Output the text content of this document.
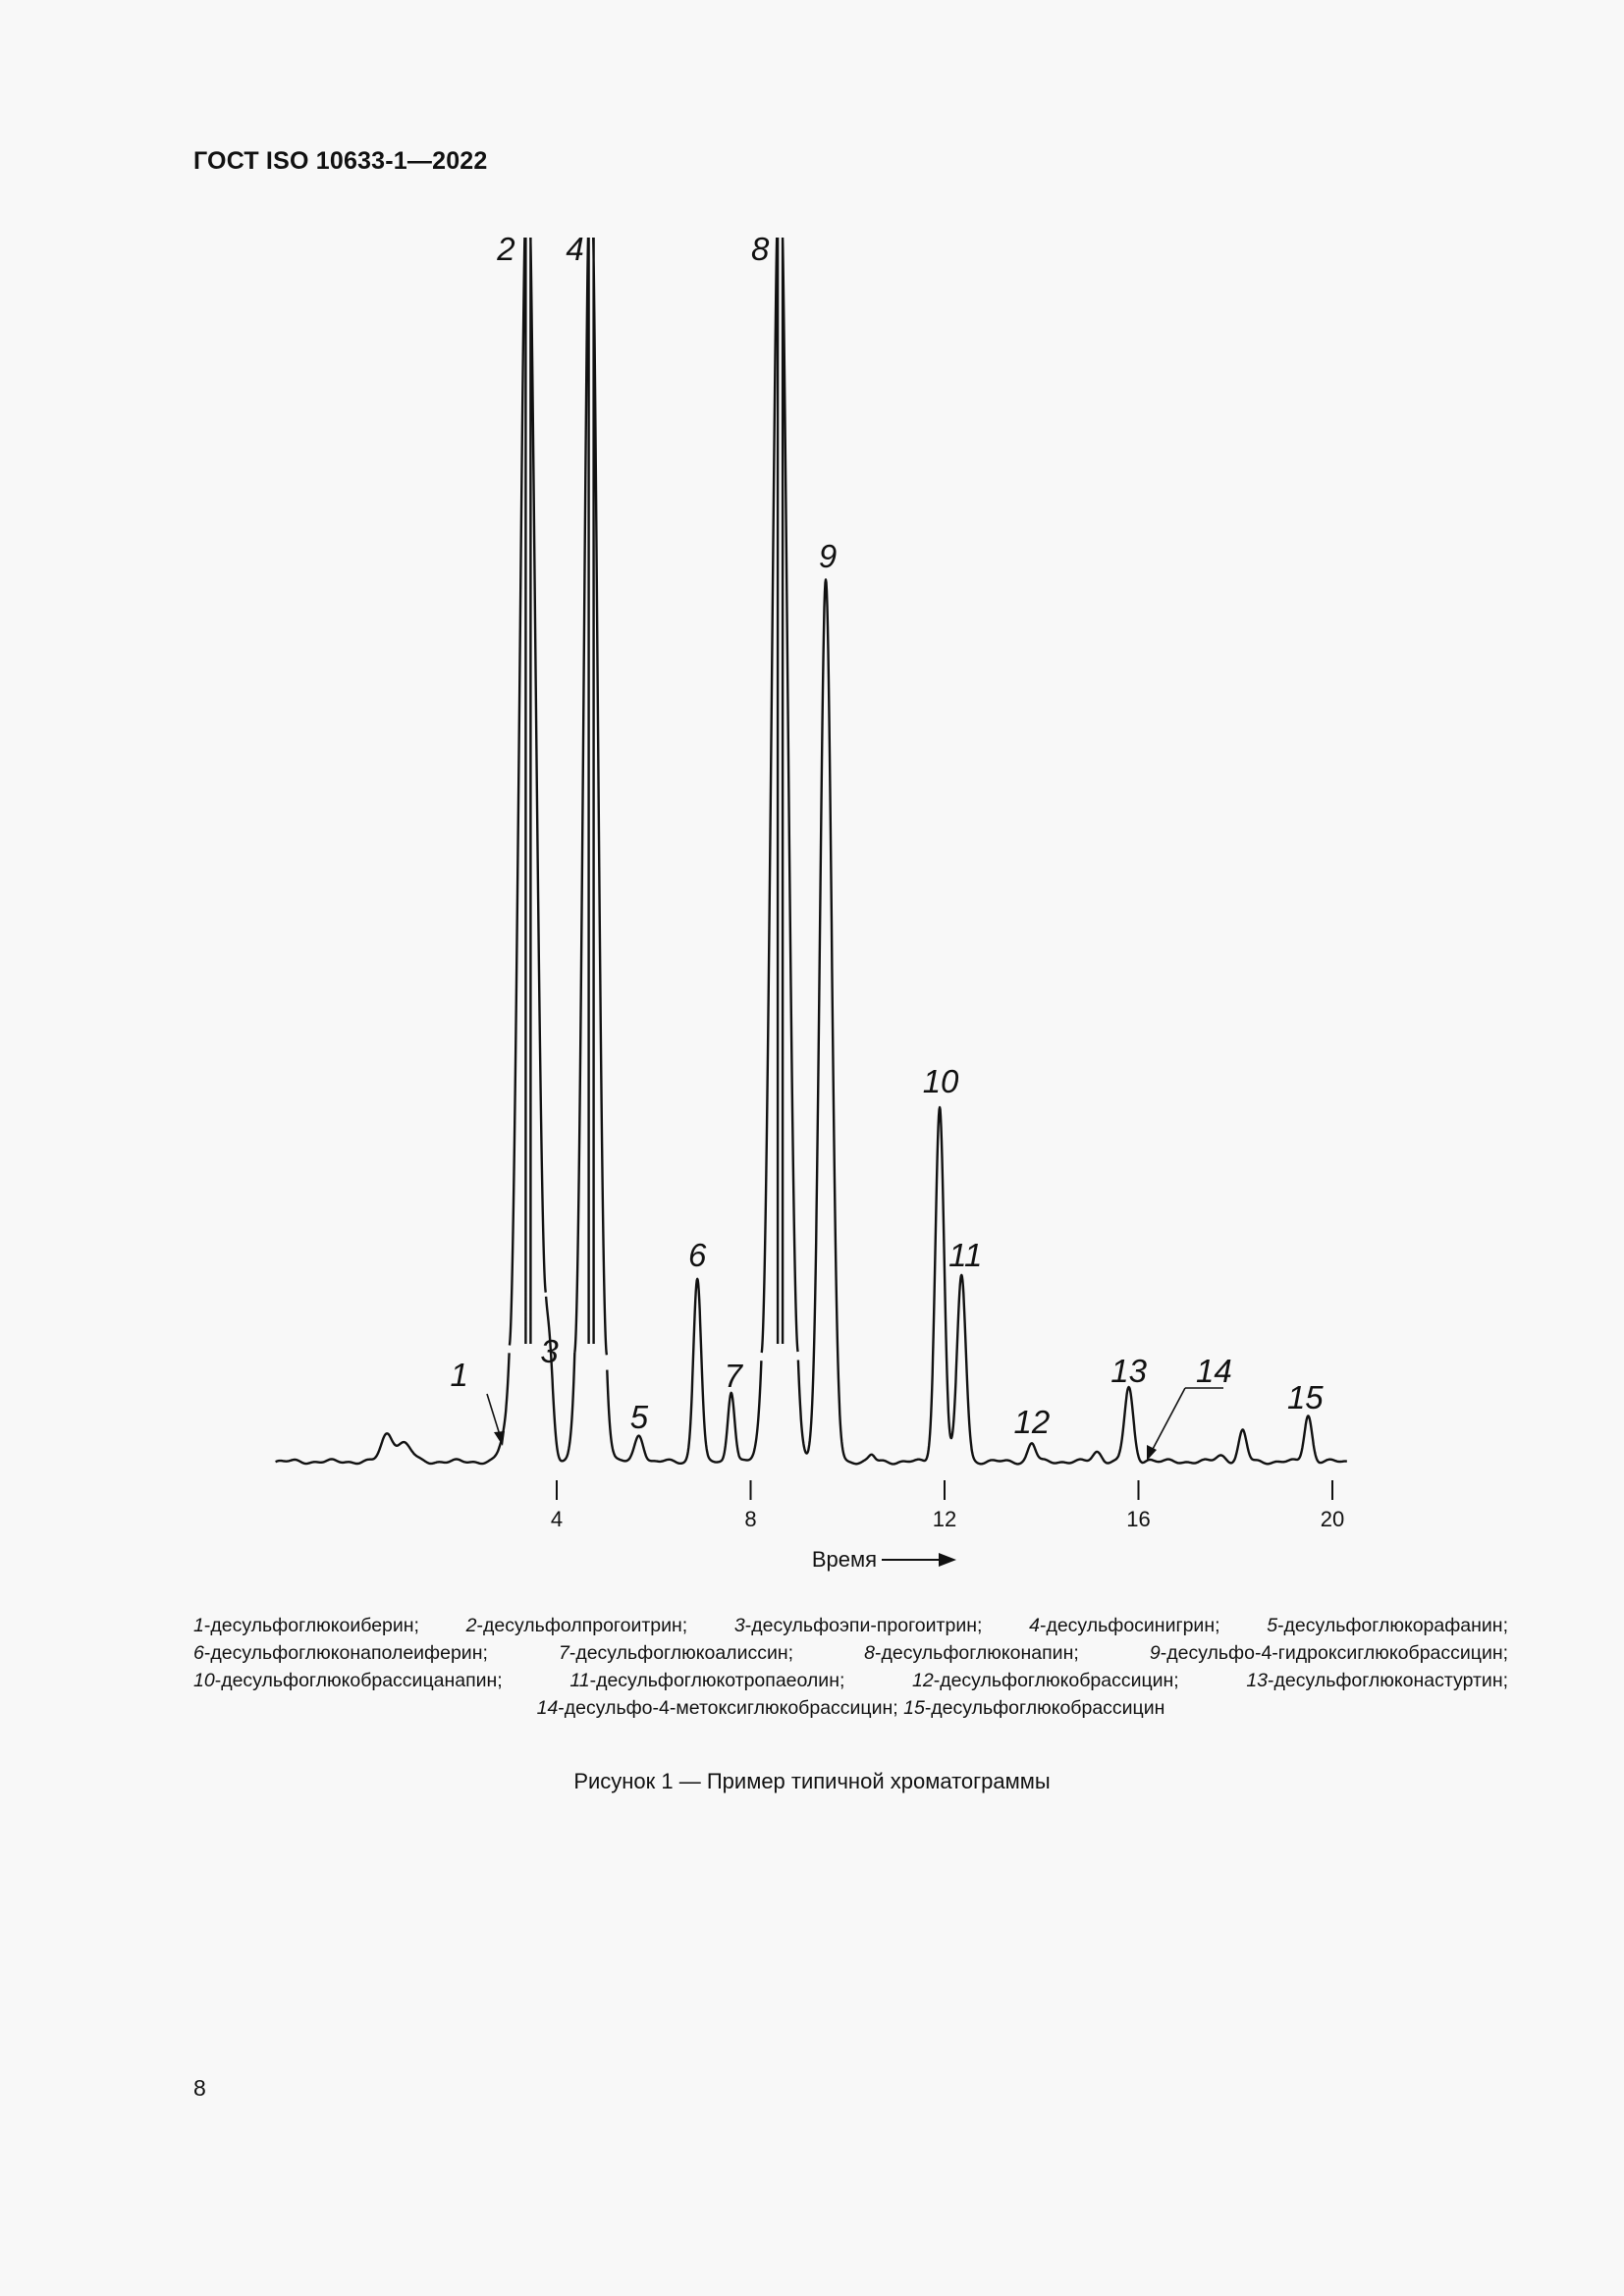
ГОСТ ISO 10633-1—2022
4	8	12	16	20
Время
1
2
3
4
5
6
7
8
9
10
11
12
13 14
15
1-десульфоглюкоиберин; 2-десульфолпрогоитрин; 3-десульфоэпи-прогоитрин; 4-десульфосинигрин; 5-десульфоглюкорафанин;
6-десульфоглюконаполеиферин;	7-десульфоглюкоалиссин;	8-десульфоглюконапин;	9-десульфо-4-гидроксиглюкобрассицин;
10-десульфоглюкобрассицанапин;	11-десульфоглюкотропаеолин;	12-десульфоглюкобрассицин;	13-десульфоглюконастуртин;
14-десульфо-4-метоксиглюкобрассицин; 15-десульфоглюкобрассицин
Рисунок 1 — Пример типичной хроматограммы
8
